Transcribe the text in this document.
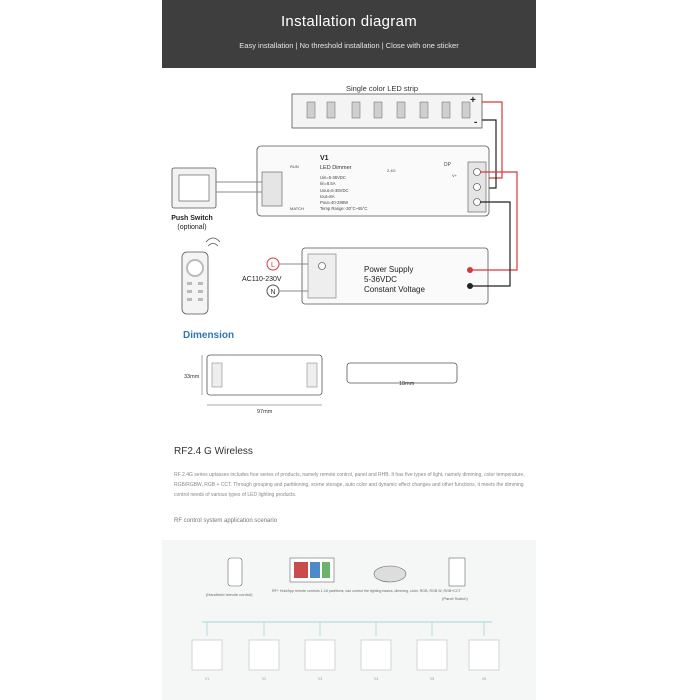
Installation diagram
Easy installation | No threshold installation | Close with one sticker
Single color LED strip
+
-
RUN
MATCH
V1
LED Dimmer
Uin=5-36VDC
Iin=8.5A
Uout=5-36VDC
Iout=8A
Pout=40-288W
Temp Range:-30°C~55°C
2.4G
DP
V+
Push Switch
(optional)
Power Supply
5-36VDC
Constant Voltage
L
N
AC110-230V
Dimension
33mm
97mm
18mm
RF2.4 G Wireless
RF 2.4G series uptasses includes four series of products, namely remote control, panel and RHB. It has five types of light, namely dimming, color temperature, RGB/RGBW, RGB + CCT. Through grouping and partitioning, scene storage, auto color and dynamic effect changes and other functions, it meets the dimming control needs of various types of LED lighting products.
RF control system application scenario
(Handheld remote control)
RF+ Hub/App remote controls 1-16 partitions, can control the lighting basics, dimming, color, RGB, RGB W, RGB+CCT
(Panel Switch)
V1	V2	V3	V4	V5	V6
